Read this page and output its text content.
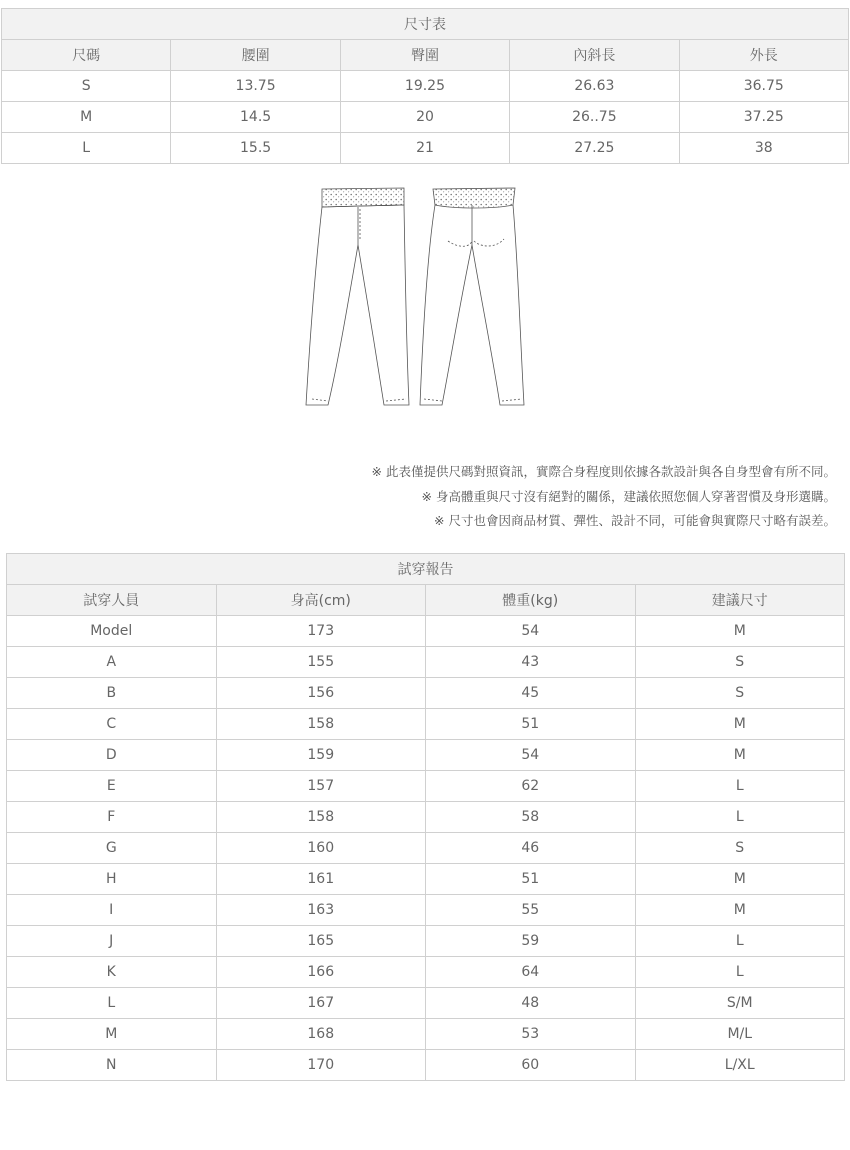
尺寸表				
尺碼	腰圍	臀圍	內斜長	外長
S	13.75	19.25	26.63	36.75
M	14.5	20	26..75	37.25
L	15.5	21	27.25	38
※ 此表僅提供尺碼對照資訊，實際合身程度則依據各款設計與各自身型會有所不同。
※ 身高體重與尺寸沒有絕對的關係，建議依照您個人穿著習慣及身形選購。
※ 尺寸也會因商品材質、彈性、設計不同，可能會與實際尺寸略有誤差。
試穿報告			
試穿人員	身高(cm)	體重(kg)	建議尺寸
Model	173	54	M
A	155	43	S
B	156	45	S
C	158	51	M
D	159	54	M
E	157	62	L
F	158	58	L
G	160	46	S
H	161	51	M
I	163	55	M
J	165	59	L
K	166	64	L
L	167	48	S/M
M	168	53	M/L
N	170	60	L/XL
